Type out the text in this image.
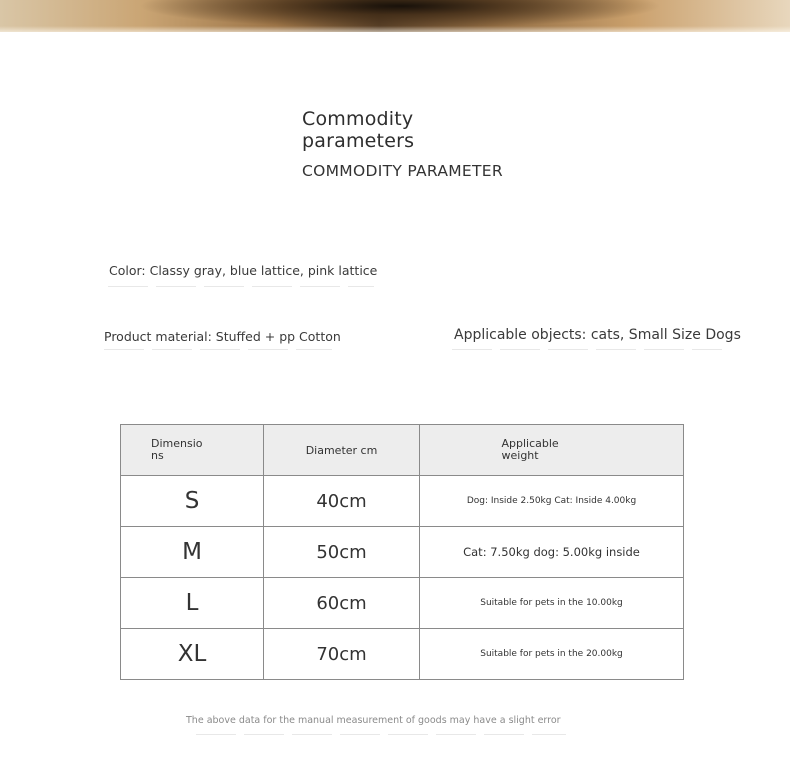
Commodity parameters
COMMODITY PARAMETER
Color: Classy gray, blue lattice, pink lattice
Product material: Stuffed + pp Cotton	Applicable objects: cats, Small Size Dogs
Dimensio ns	Diameter cm	Applicable weight
S	40cm	Dog: Inside 2.50kg Cat: Inside 4.00kg
M	50cm	Cat: 7.50kg dog: 5.00kg inside
L	60cm	Suitable for pets in the 10.00kg
XL	70cm	Suitable for pets in the 20.00kg
The above data for the manual measurement of goods may have a slight error
